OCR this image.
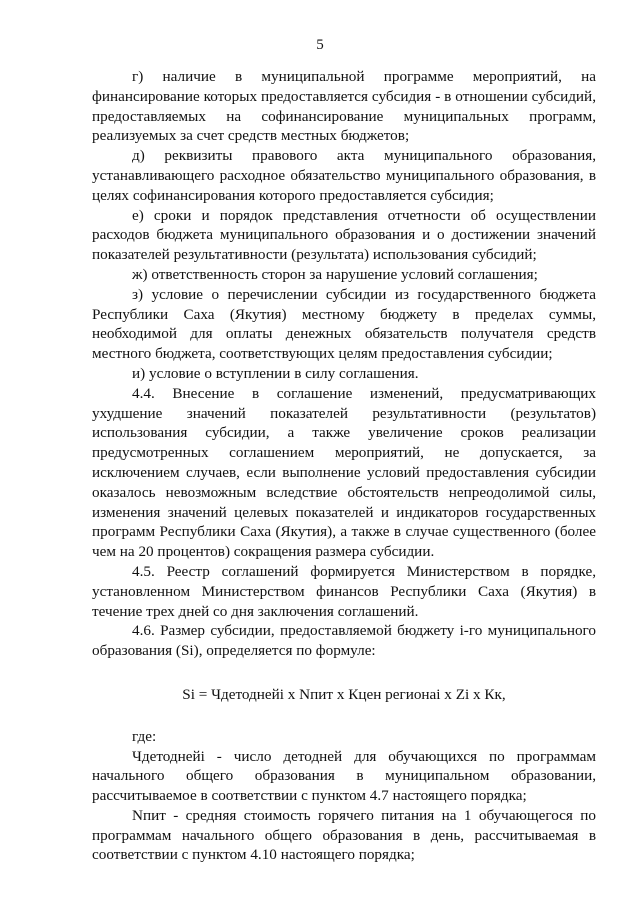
5

г) наличие в муниципальной программе мероприятий, на финансирование которых предоставляется субсидия - в отношении субсидий, предоставляемых на софинансирование муниципальных программ, реализуемых за счет средств местных бюджетов;

д) реквизиты правового акта муниципального образования, устанавливающего расходное обязательство муниципального образования, в целях софинансирования которого предоставляется субсидия;

е) сроки и порядок представления отчетности об осуществлении расходов бюджета муниципального образования и о достижении значений показателей результативности (результата) использования субсидий;

ж) ответственность сторон за нарушение условий соглашения;

з) условие о перечислении субсидии из государственного бюджета Республики Саха (Якутия) местному бюджету в пределах суммы, необходимой для оплаты денежных обязательств получателя средств местного бюджета, соответствующих целям предоставления субсидии;

и) условие о вступлении в силу соглашения.

4.4. Внесение в соглашение изменений, предусматривающих ухудшение значений показателей результативности (результатов) использования субсидии, а также увеличение сроков реализации предусмотренных соглашением мероприятий, не допускается, за исключением случаев, если выполнение условий предоставления субсидии оказалось невозможным вследствие обстоятельств непреодолимой силы, изменения значений целевых показателей и индикаторов государственных программ Республики Саха (Якутия), а также в случае существенного (более чем на 20 процентов) сокращения размера субсидии.

4.5. Реестр соглашений формируется Министерством в порядке, установленном Министерством финансов Республики Саха (Якутия) в течение трех дней со дня заключения соглашений.

4.6. Размер субсидии, предоставляемой бюджету i-го муниципального образования (Si), определяется по формуле:

Si = Чдетоднейi x Nпит x Кцен регионаi x Zi x Кк,

где:

Чдетоднейi - число детодней для обучающихся по программам начального общего образования в муниципальном образовании, рассчитываемое в соответствии с пунктом 4.7 настоящего порядка;

Nпит - средняя стоимость горячего питания на 1 обучающегося по программам начального общего образования в день, рассчитываемая в соответствии с пунктом 4.10 настоящего порядка;
